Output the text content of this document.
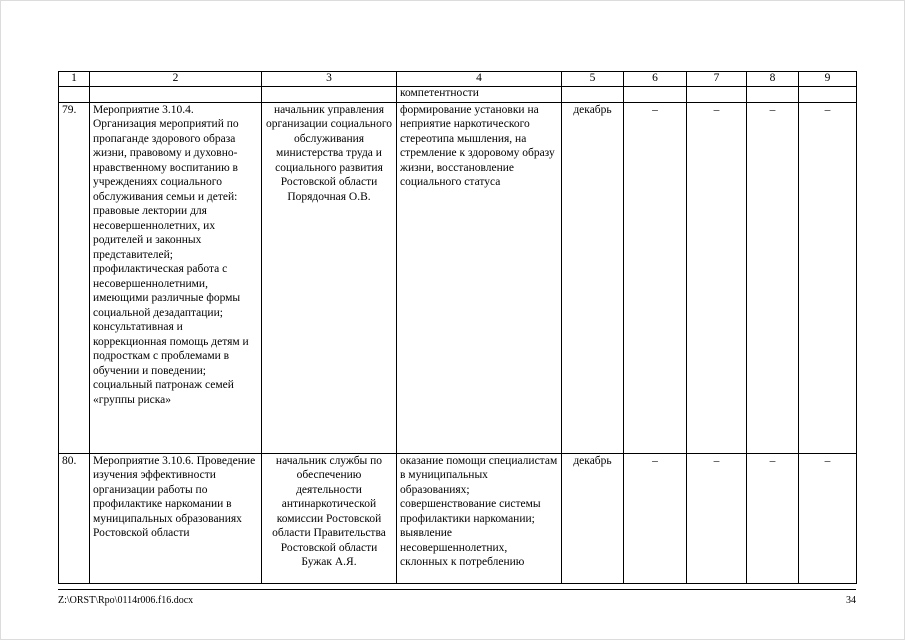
1	2	3	4	5	6	7	8	9
			компетентности					
79.	Мероприятие 3.10.4. Организация мероприятий по пропаганде здорового образа жизни, правовому и духовно-нравственному воспитанию в учреждениях социального обслуживания семьи и детей: правовые лектории для несовершеннолетних, их родителей и законных представителей; профилактическая работа с несовершеннолетними, имеющими различные формы социальной дезадаптации; консультативная и коррекционная помощь детям и подросткам с проблемами в обучении и поведении; социальный патронаж семей «группы риска»	начальник управления организации социального обслуживания министерства труда и социального развития Ростовской области Порядочная О.В.	формирование установки на неприятие наркотического стереотипа мышления, на стремление к здоровому образу жизни, восстановление социального статуса	декабрь	–	–	–	–
80.	Мероприятие 3.10.6. Проведение изучения эффективности организации работы по профилактике наркомании в муниципальных образованиях Ростовской области	начальник службы по обеспечению деятельности антинаркотической комиссии Ростовской области Правительства Ростовской области Бужак А.Я.	оказание помощи специалистам в муниципальных образованиях; совершенствование системы профилактики наркомании; выявление несовершеннолетних, склонных к потреблению	декабрь	–	–	–	–
Z:\ORST\Rpo\0114r006.f16.docx	34
